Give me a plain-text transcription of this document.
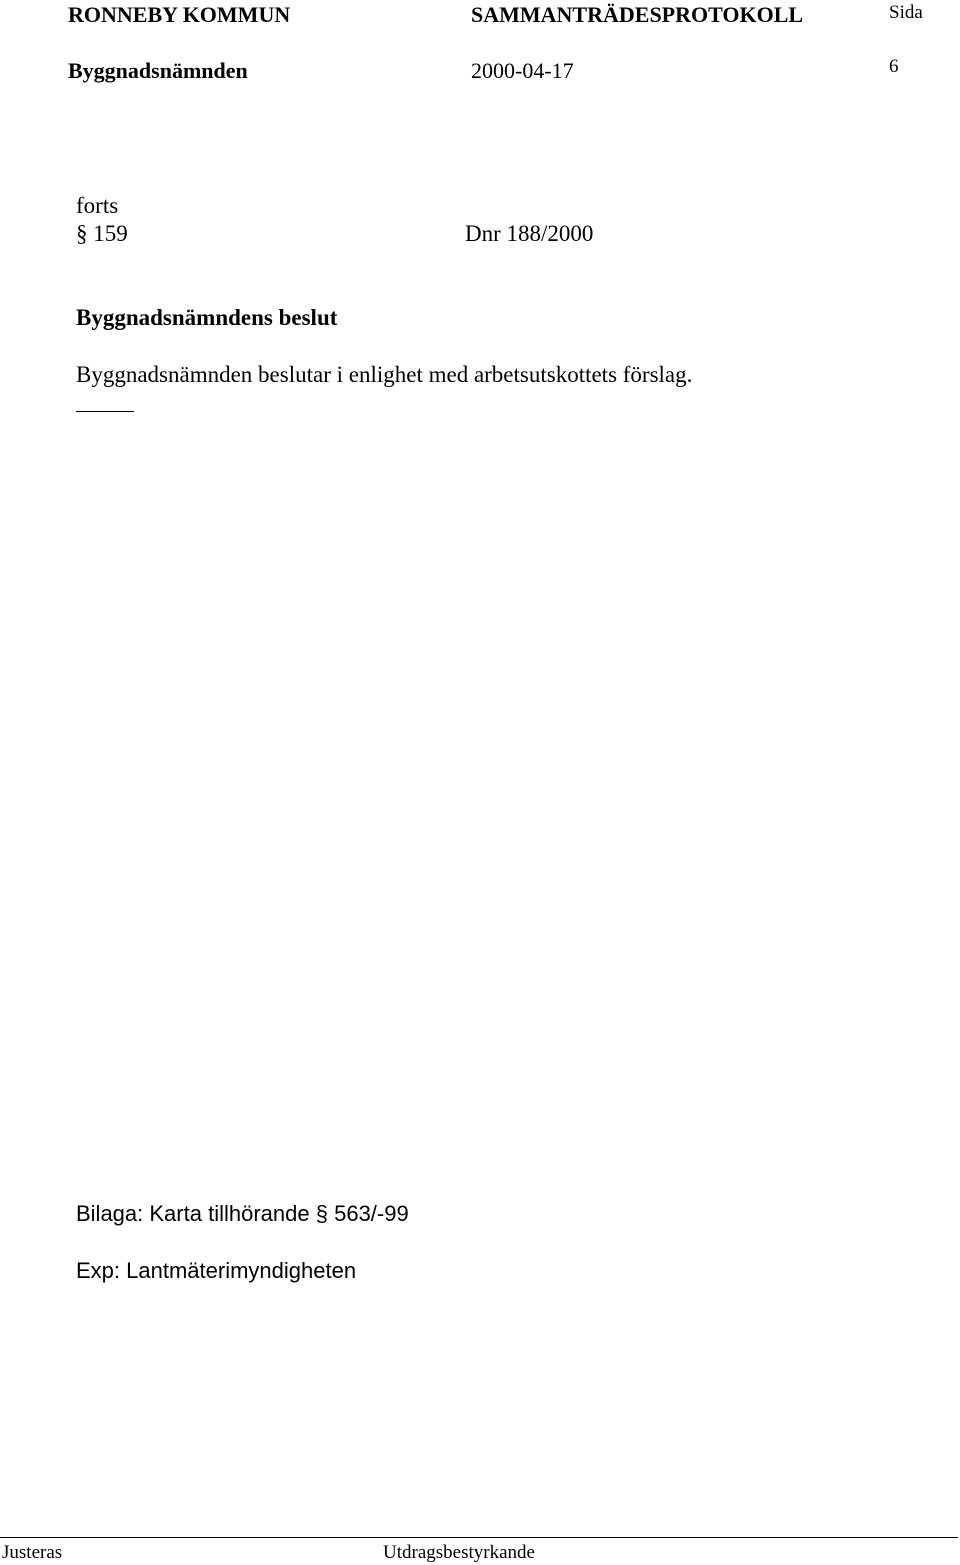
RONNEBY KOMMUN	SAMMANTRÄDESPROTOKOLL	Sida
Byggnadsnämnden	2000-04-17	6
forts
§ 159	Dnr 188/2000
Byggnadsnämndens beslut
Byggnadsnämnden beslutar i enlighet med arbetsutskottets förslag.
Bilaga: Karta tillhörande § 563/-99
Exp: Lantmäterimyndigheten
Justeras	Utdragsbestyrkande
